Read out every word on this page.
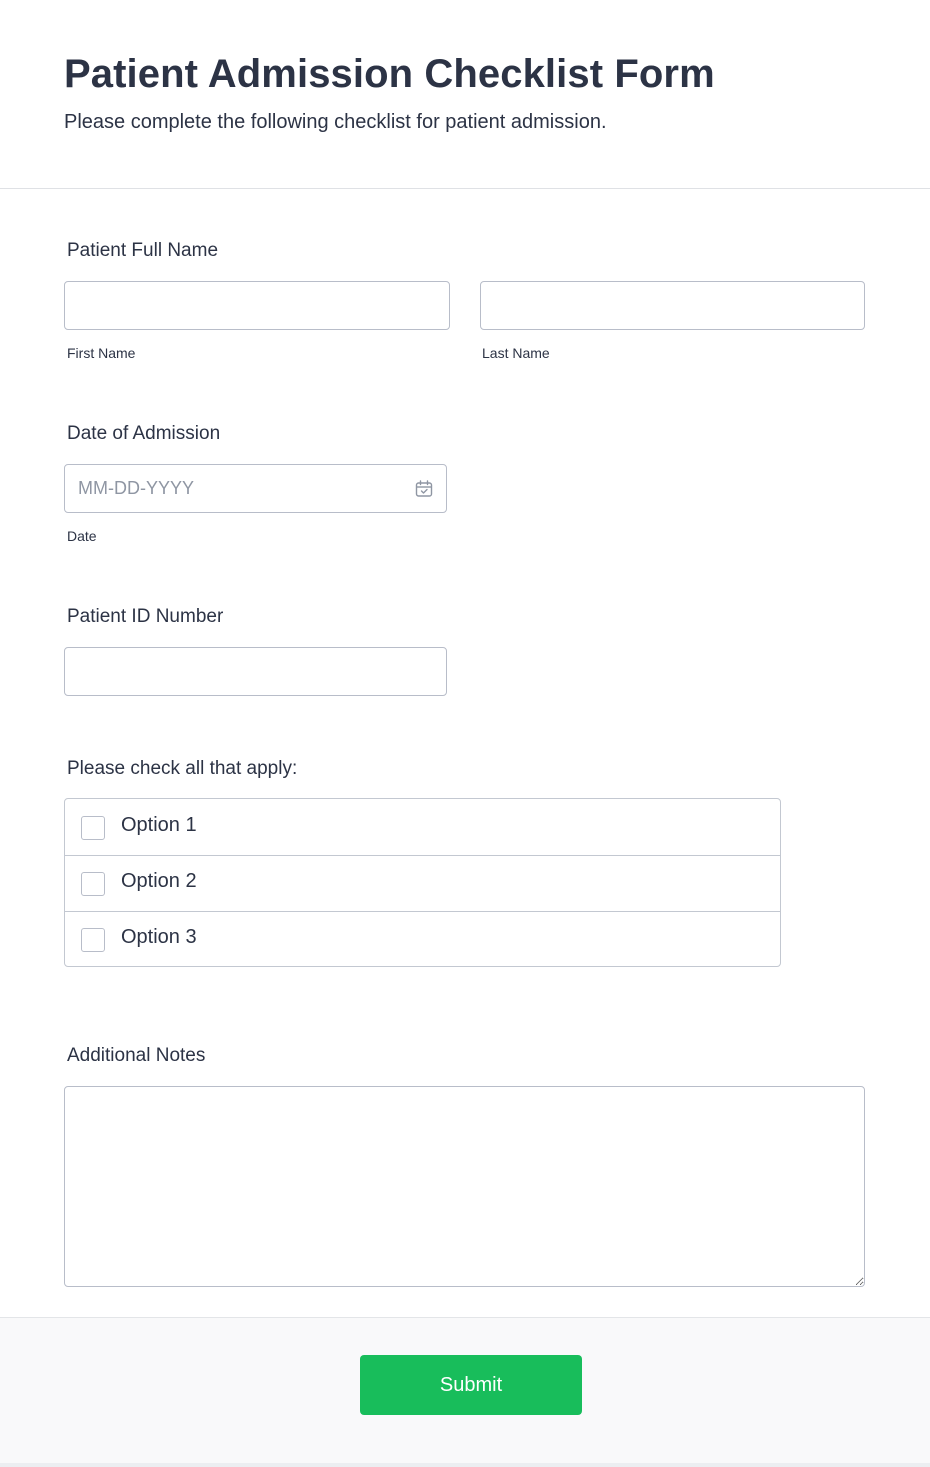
Patient Admission Checklist Form

Please complete the following checklist for patient admission.

Patient Full Name
First Name	Last Name
Date of Admission
MM-DD-YYYY
Date
Patient ID Number
Please check all that apply:
Option 1
Option 2
Option 3
Additional Notes
Submit
